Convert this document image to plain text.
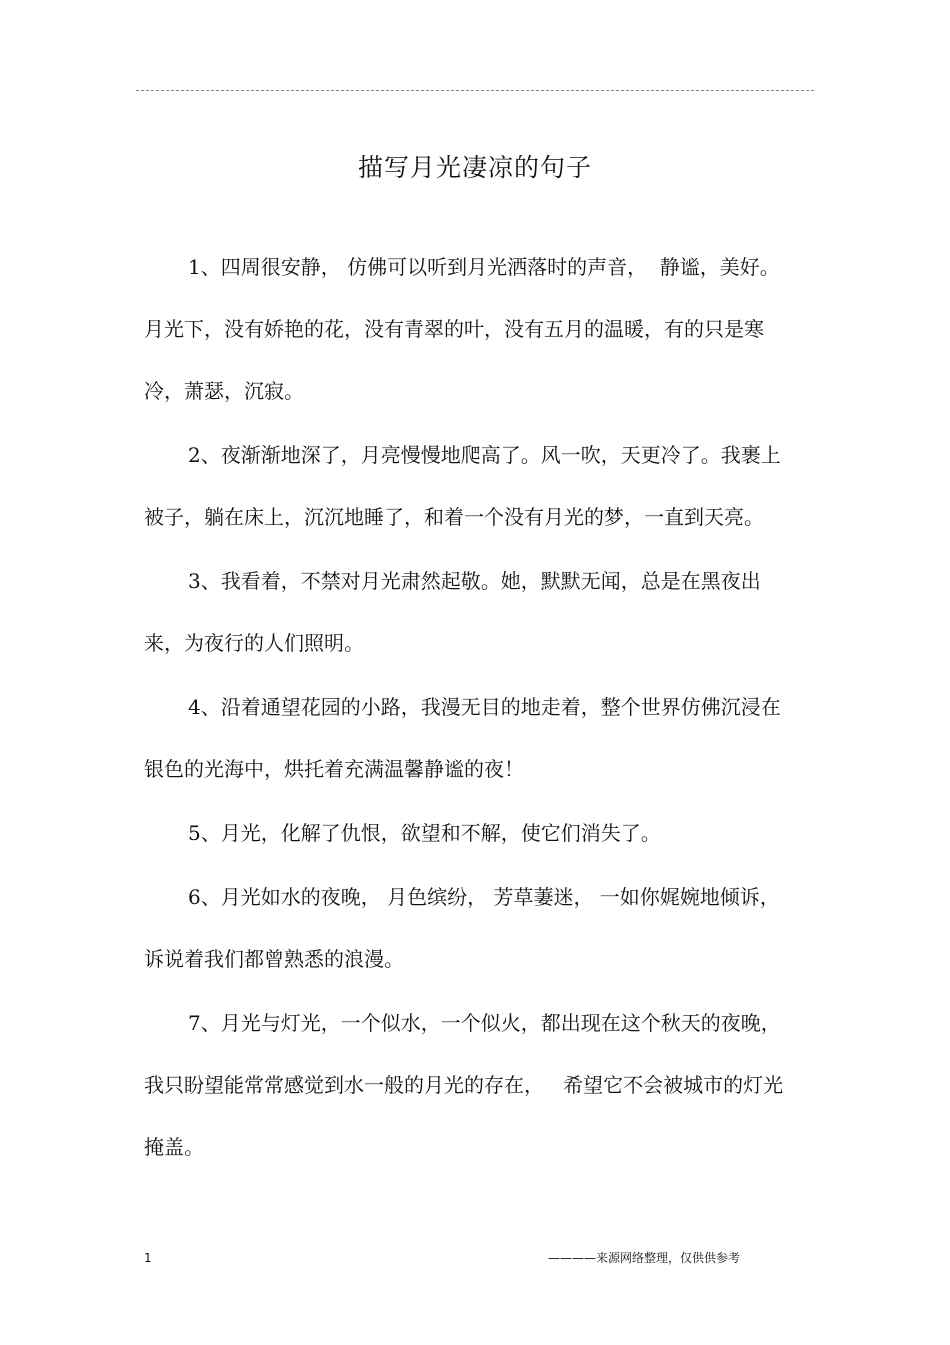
描写月光凄凉的句子

1、四周很安静， 仿佛可以听到月光洒落时的声音，  静谧，美好。月光下，没有娇艳的花，没有青翠的叶，没有五月的温暖，有的只是寒冷，萧瑟，沉寂。

2、夜渐渐地深了，月亮慢慢地爬高了。风一吹，天更冷了。我裹上被子，躺在床上，沉沉地睡了，和着一个没有月光的梦，一直到天亮。

3、我看着，不禁对月光肃然起敬。她，默默无闻，总是在黑夜出来，为夜行的人们照明。

4、沿着通望花园的小路，我漫无目的地走着，整个世界仿佛沉浸在银色的光海中，烘托着充满温馨静谧的夜！

5、月光，化解了仇恨，欲望和不解，使它们消失了。

6、月光如水的夜晚， 月色缤纷， 芳草萋迷， 一如你娓婉地倾诉，诉说着我们都曾熟悉的浪漫。

7、月光与灯光，一个似水，一个似火，都出现在这个秋天的夜晚，我只盼望能常常感觉到水一般的月光的存在，   希望它不会被城市的灯光掩盖。

1	————来源网络整理，仅供供参考
